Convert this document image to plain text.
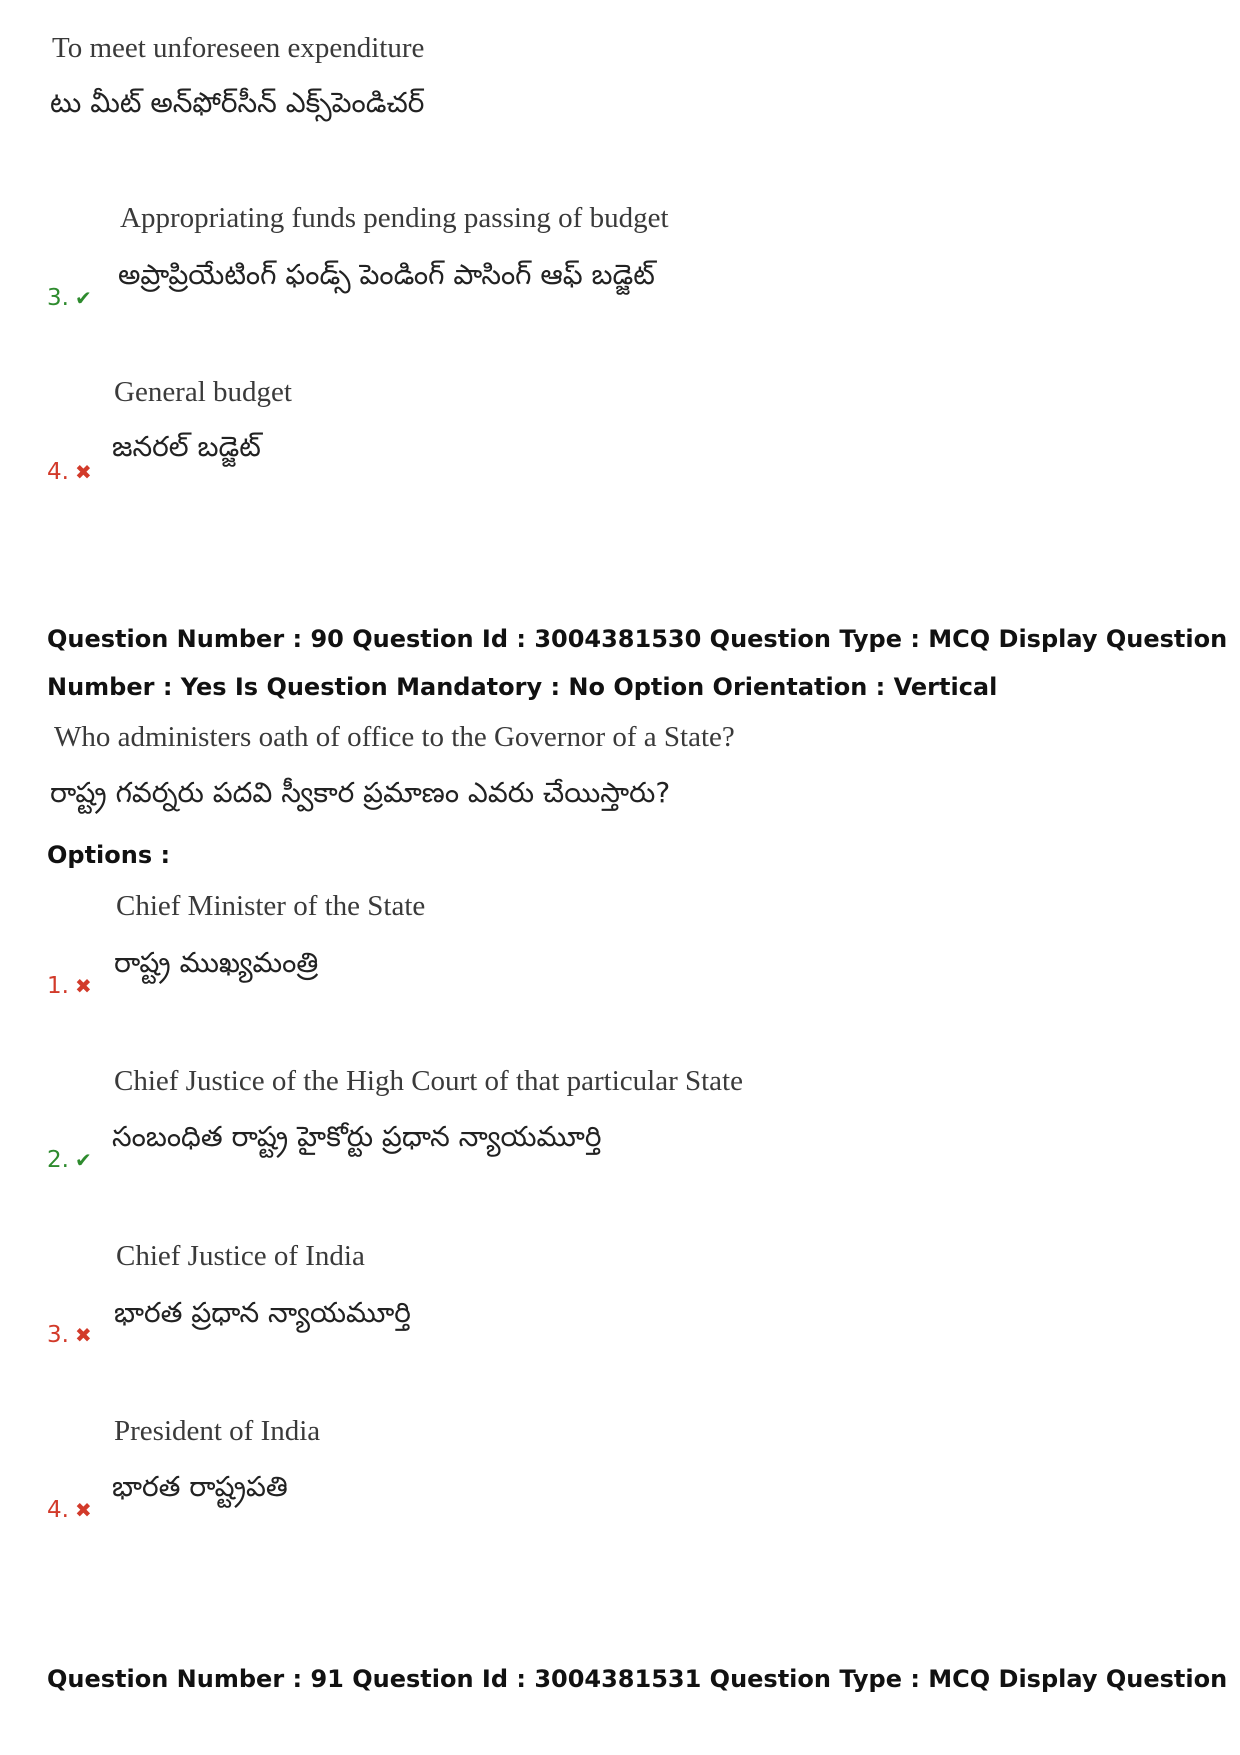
To meet unforeseen expenditure
టు మీట్ అన్‌ఫోర్‌సీన్ ఎక్స్‌పెండిచర్
Appropriating funds pending passing of budget
అప్రాప్రియేటింగ్ ఫండ్స్ పెండింగ్ పాసింగ్ ఆఫ్ బడ్జెట్
3. ✔
General budget
జనరల్ బడ్జెట్
4. ✖
Question Number : 90 Question Id : 3004381530 Question Type : MCQ Display Question
Number : Yes Is Question Mandatory : No Option Orientation : Vertical
Who administers oath of office to the Governor of a State?
రాష్ట్ర గవర్నరు పదవి స్వీకార ప్రమాణం ఎవరు చేయిస్తారు?
Options :
Chief Minister of the State
రాష్ట్ర ముఖ్యమంత్రి
1. ✖
Chief Justice of the High Court of that particular State
సంబంధిత రాష్ట్ర హైకోర్టు ప్రధాన న్యాయమూర్తి
2. ✔
Chief Justice of India
భారత ప్రధాన న్యాయమూర్తి
3. ✖
President of India
భారత రాష్ట్రపతి
4. ✖
Question Number : 91 Question Id : 3004381531 Question Type : MCQ Display Question
